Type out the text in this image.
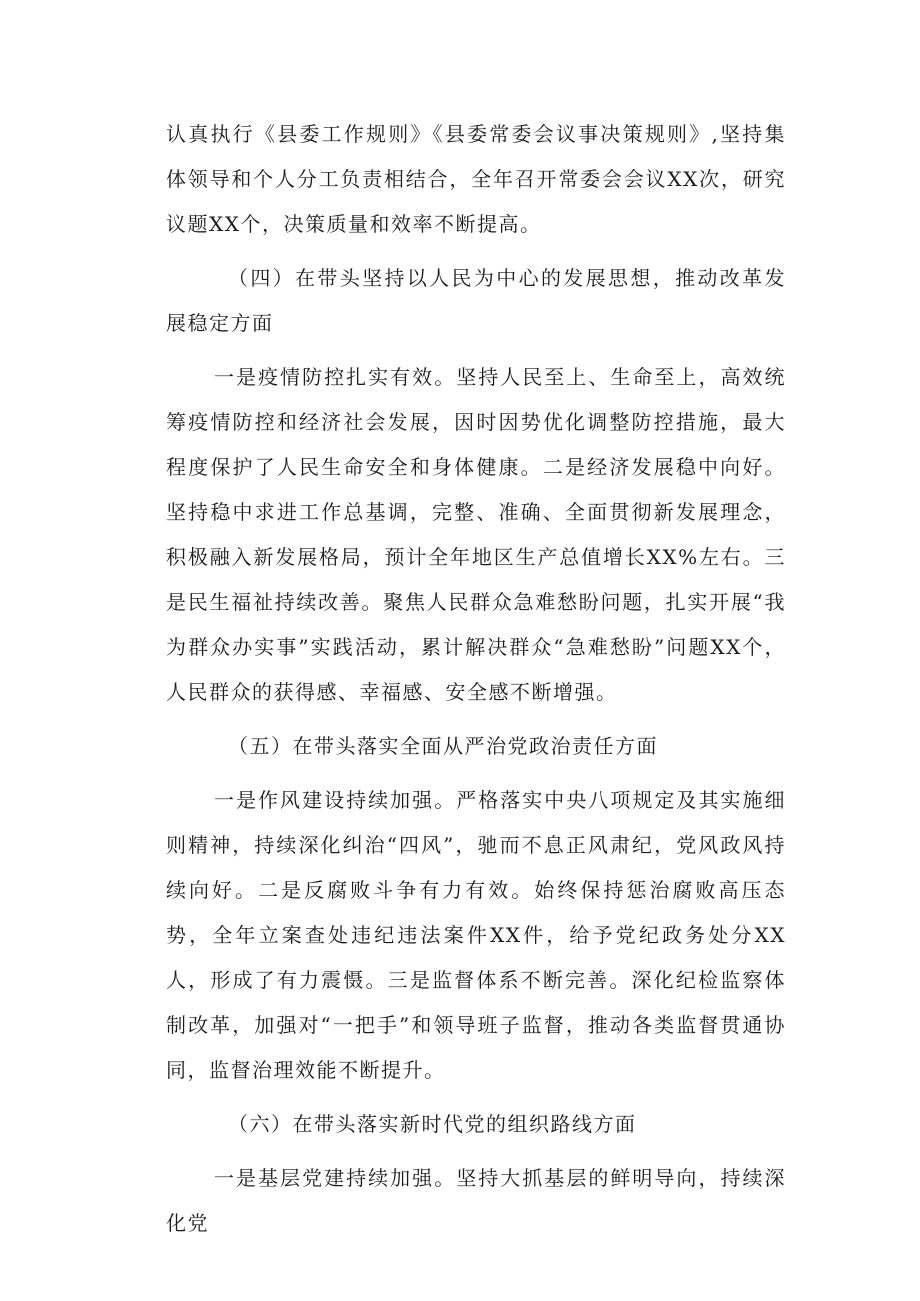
认真执行《县委工作规则》《县委常委会议事决策规则》,坚持集体领导和个人分工负责相结合，全年召开常委会会议XX次，研究议题XX个，决策质量和效率不断提高。

（四）在带头坚持以人民为中心的发展思想，推动改革发展稳定方面

一是疫情防控扎实有效。坚持人民至上、生命至上，高效统筹疫情防控和经济社会发展，因时因势优化调整防控措施，最大程度保护了人民生命安全和身体健康。二是经济发展稳中向好。坚持稳中求进工作总基调，完整、准确、全面贯彻新发展理念，积极融入新发展格局，预计全年地区生产总值增长XX%左右。三是民生福祉持续改善。聚焦人民群众急难愁盼问题，扎实开展“我为群众办实事”实践活动，累计解决群众“急难愁盼”问题XX个，人民群众的获得感、幸福感、安全感不断增强。

（五）在带头落实全面从严治党政治责任方面

一是作风建设持续加强。严格落实中央八项规定及其实施细则精神，持续深化纠治“四风”，驰而不息正风肃纪，党风政风持续向好。二是反腐败斗争有力有效。始终保持惩治腐败高压态势，全年立案查处违纪违法案件XX件，给予党纪政务处分XX人，形成了有力震慑。三是监督体系不断完善。深化纪检监察体制改革，加强对“一把手”和领导班子监督，推动各类监督贯通协同，监督治理效能不断提升。

（六）在带头落实新时代党的组织路线方面

一是基层党建持续加强。坚持大抓基层的鲜明导向，持续深化党
